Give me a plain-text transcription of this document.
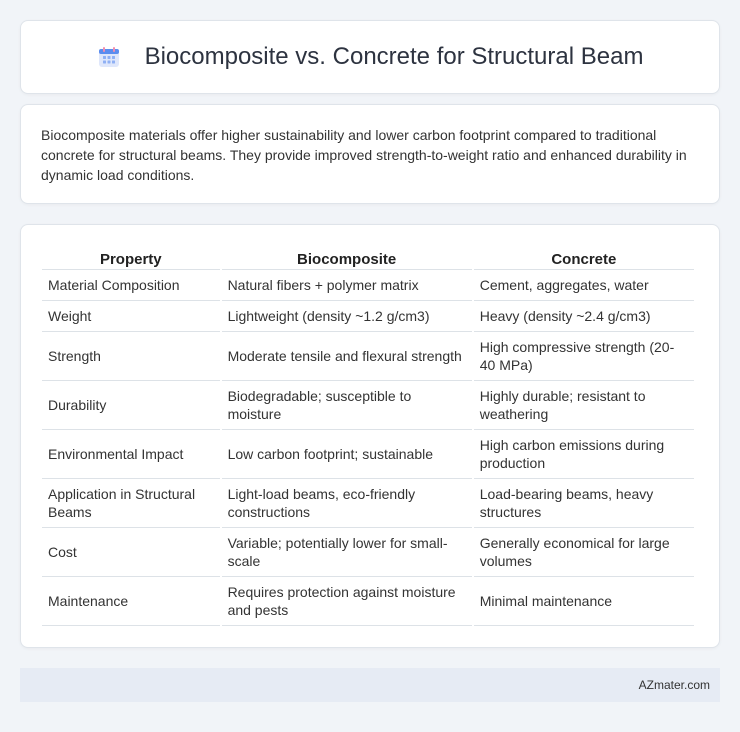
Biocomposite vs. Concrete for Structural Beam

Biocomposite materials offer higher sustainability and lower carbon footprint compared to traditional concrete for structural beams. They provide improved strength-to-weight ratio and enhanced durability in dynamic load conditions.

Property	Biocomposite	Concrete
Material Composition	Natural fibers + polymer matrix	Cement, aggregates, water
Weight	Lightweight (density ~1.2 g/cm3)	Heavy (density ~2.4 g/cm3)
Strength	Moderate tensile and flexural strength	High compressive strength (20-40 MPa)
Durability	Biodegradable; susceptible to moisture	Highly durable; resistant to weathering
Environmental Impact	Low carbon footprint; sustainable	High carbon emissions during production
Application in Structural Beams	Light-load beams, eco-friendly constructions	Load-bearing beams, heavy structures
Cost	Variable; potentially lower for small-scale	Generally economical for large volumes
Maintenance	Requires protection against moisture and pests	Minimal maintenance
AZmater.com
